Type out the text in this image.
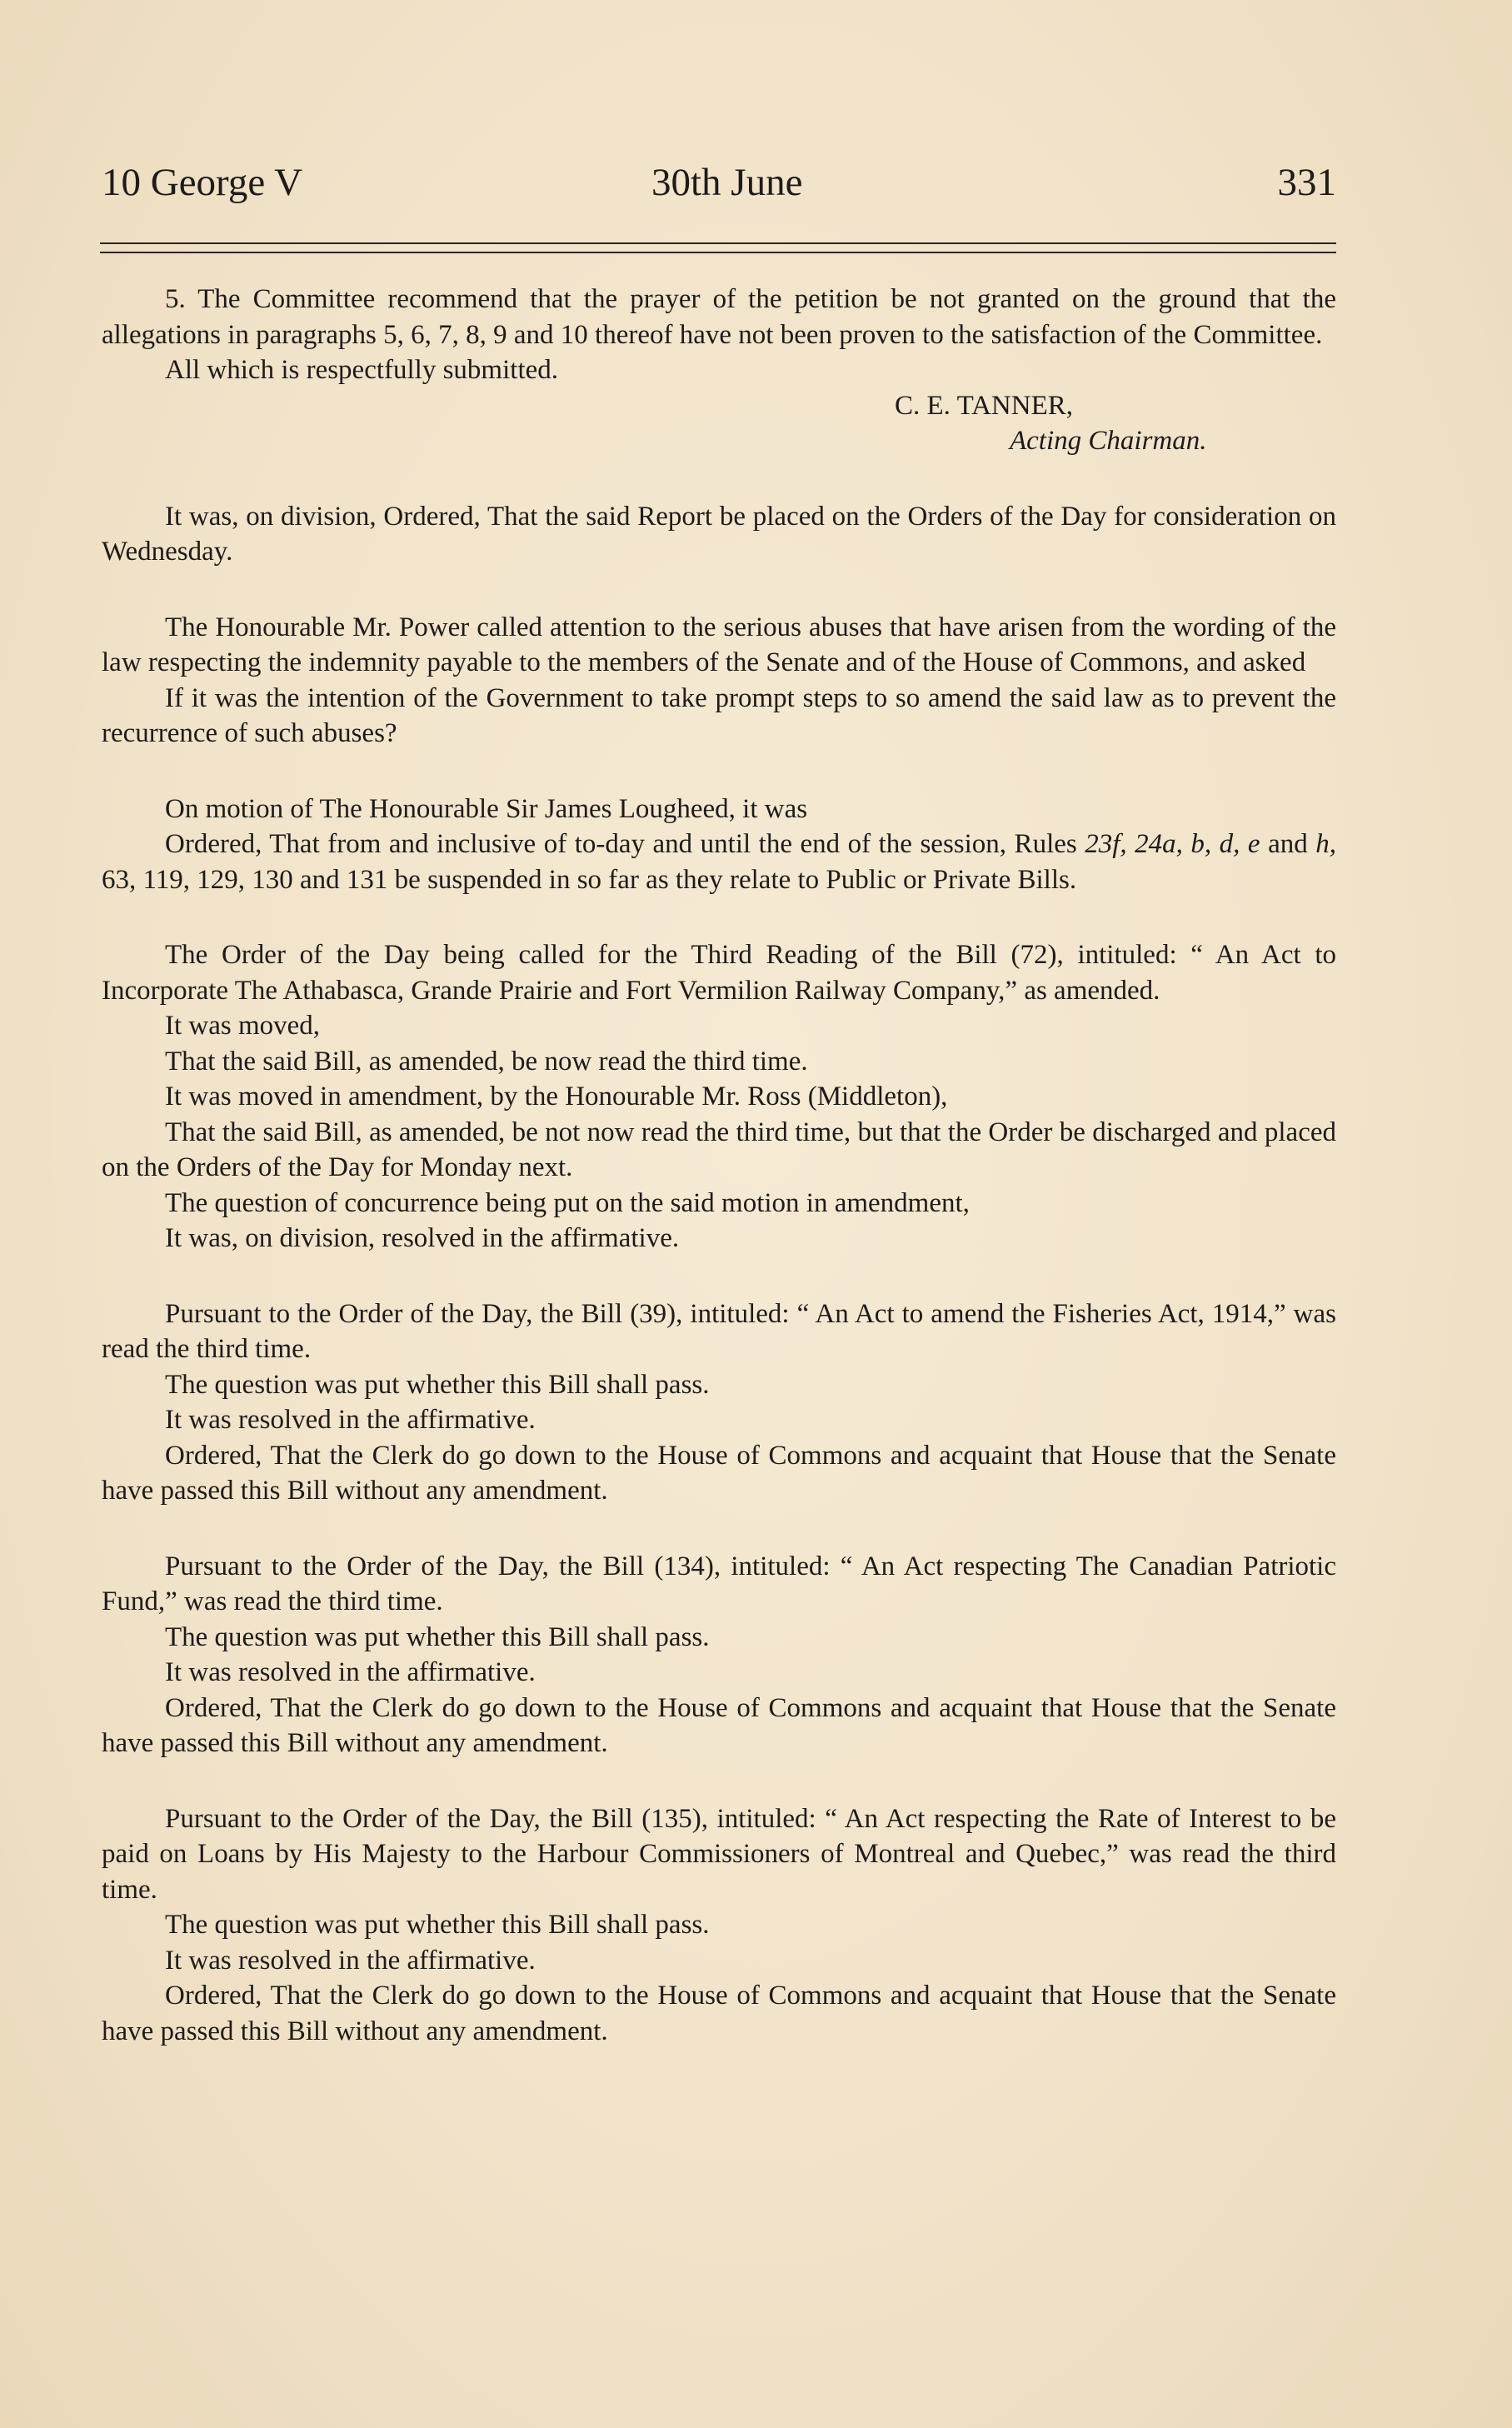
10 George V	30th June	331

5. The Committee recommend that the prayer of the petition be not granted on the ground that the allegations in paragraphs 5, 6, 7, 8, 9 and 10 thereof have not been proven to the satisfaction of the Committee.

All which is respectfully submitted.

C. E. TANNER,

Acting Chairman.

It was, on division, Ordered, That the said Report be placed on the Orders of the Day for consideration on Wednesday.

The Honourable Mr. Power called attention to the serious abuses that have arisen from the wording of the law respecting the indemnity payable to the members of the Senate and of the House of Commons, and asked

If it was the intention of the Government to take prompt steps to so amend the said law as to prevent the recurrence of such abuses?

On motion of The Honourable Sir James Lougheed, it was

Ordered, That from and inclusive of to-day and until the end of the session, Rules 23f, 24a, b, d, e and h, 63, 119, 129, 130 and 131 be suspended in so far as they relate to Public or Private Bills.

The Order of the Day being called for the Third Reading of the Bill (72), intituled: “ An Act to Incorporate The Athabasca, Grande Prairie and Fort Vermilion Railway Company,” as amended.

It was moved,

That the said Bill, as amended, be now read the third time.

It was moved in amendment, by the Honourable Mr. Ross (Middleton),

That the said Bill, as amended, be not now read the third time, but that the Order be discharged and placed on the Orders of the Day for Monday next.

The question of concurrence being put on the said motion in amendment,

It was, on division, resolved in the affirmative.

Pursuant to the Order of the Day, the Bill (39), intituled: “ An Act to amend the Fisheries Act, 1914,” was read the third time.

The question was put whether this Bill shall pass.

It was resolved in the affirmative.

Ordered, That the Clerk do go down to the House of Commons and acquaint that House that the Senate have passed this Bill without any amendment.

Pursuant to the Order of the Day, the Bill (134), intituled: “ An Act respecting The Canadian Patriotic Fund,” was read the third time.

The question was put whether this Bill shall pass.

It was resolved in the affirmative.

Ordered, That the Clerk do go down to the House of Commons and acquaint that House that the Senate have passed this Bill without any amendment.

Pursuant to the Order of the Day, the Bill (135), intituled: “ An Act respecting the Rate of Interest to be paid on Loans by His Majesty to the Harbour Commissioners of Montreal and Quebec,” was read the third time.

The question was put whether this Bill shall pass.

It was resolved in the affirmative.

Ordered, That the Clerk do go down to the House of Commons and acquaint that House that the Senate have passed this Bill without any amendment.
